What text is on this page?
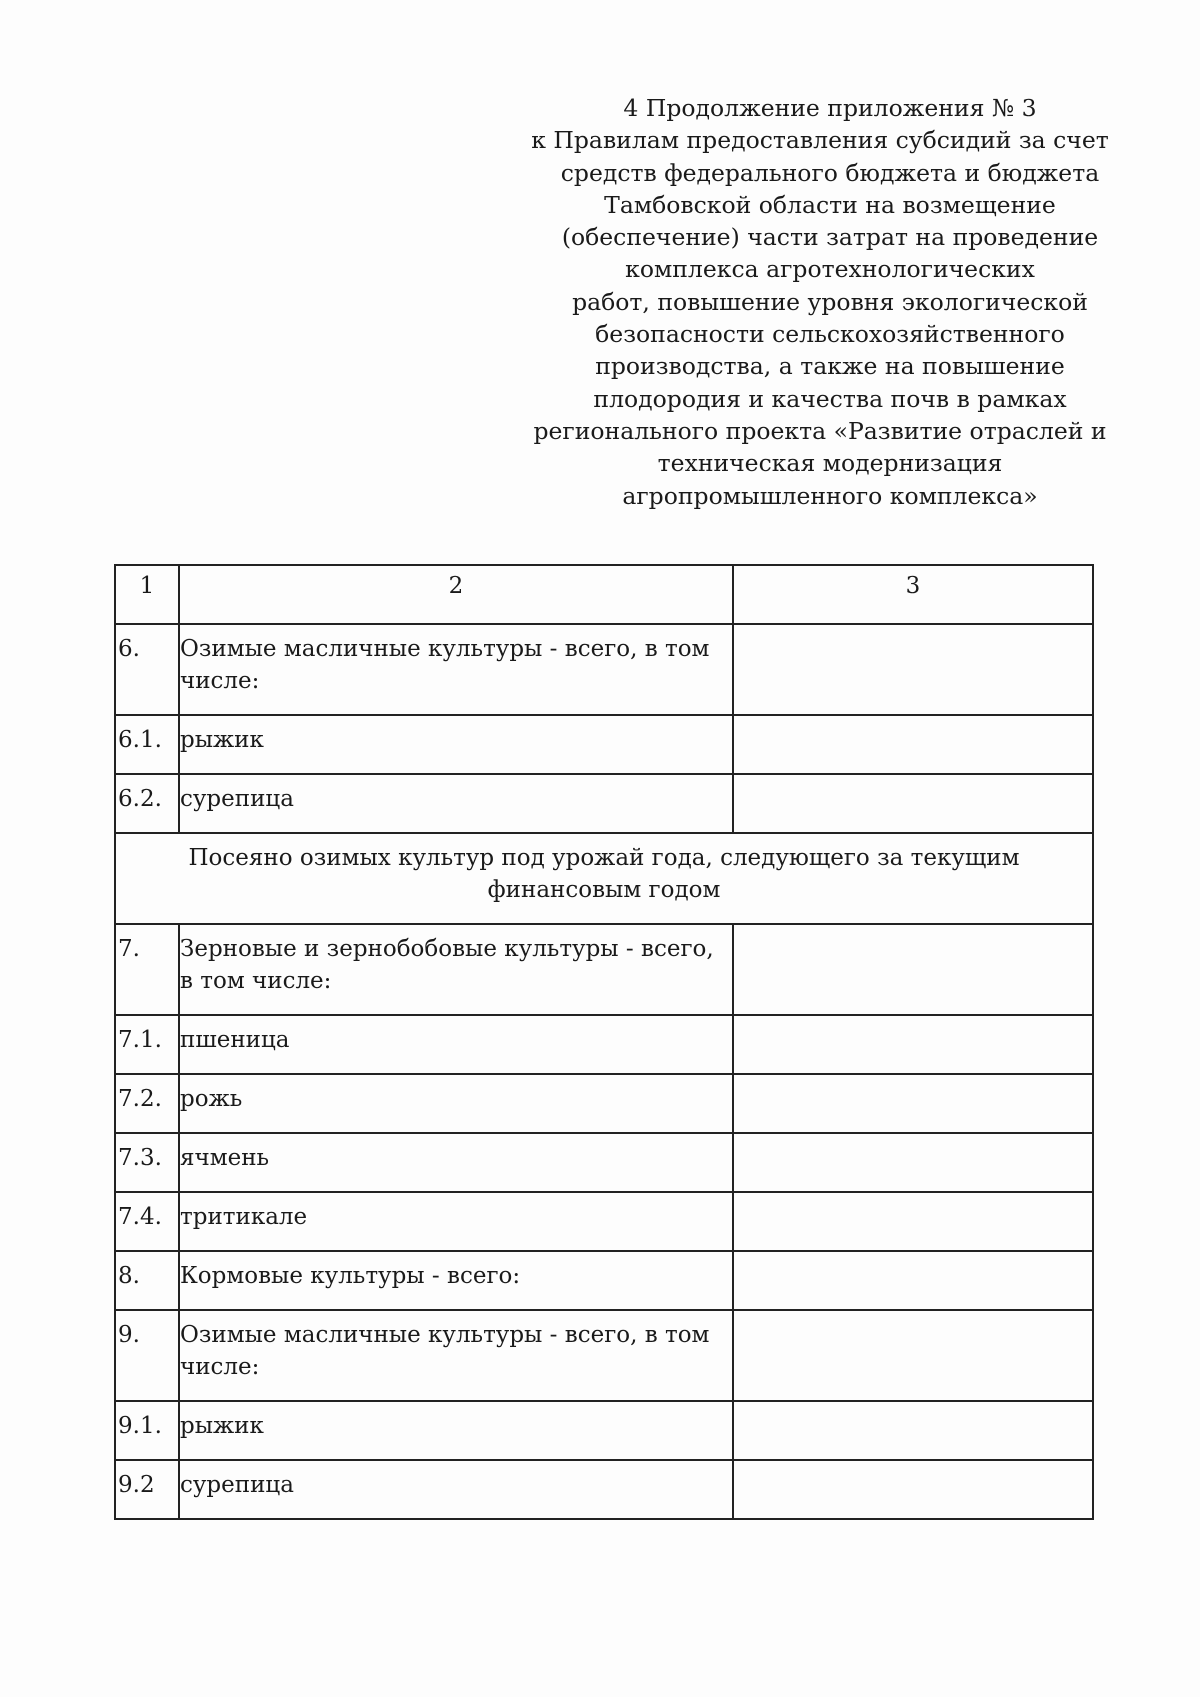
4 Продолжение приложения № 3
к Правилам предоставления субсидий за счет
средств федерального бюджета и бюджета
Тамбовской области на возмещение
(обеспечение) части затрат на проведение
комплекса агротехнологических
работ, повышение уровня экологической
безопасности сельскохозяйственного
производства, а также на повышение
плодородия и качества почв в рамках
регионального проекта «Развитие отраслей и
техническая модернизация
агропромышленного комплекса»
1	2	3
6.	Озимые масличные культуры - всего, в том числе:	
6.1.	рыжик	
6.2.	сурепица	
Посеяно озимых культур под урожай года, следующего за текущим финансовым годом		
7.	Зерновые и зернобобовые культуры - всего, в том числе:	
7.1.	пшеница	
7.2.	рожь	
7.3.	ячмень	
7.4.	тритикале	
8.	Кормовые культуры - всего:	
9.	Озимые масличные культуры - всего, в том числе:	
9.1.	рыжик	
9.2	сурепица	
